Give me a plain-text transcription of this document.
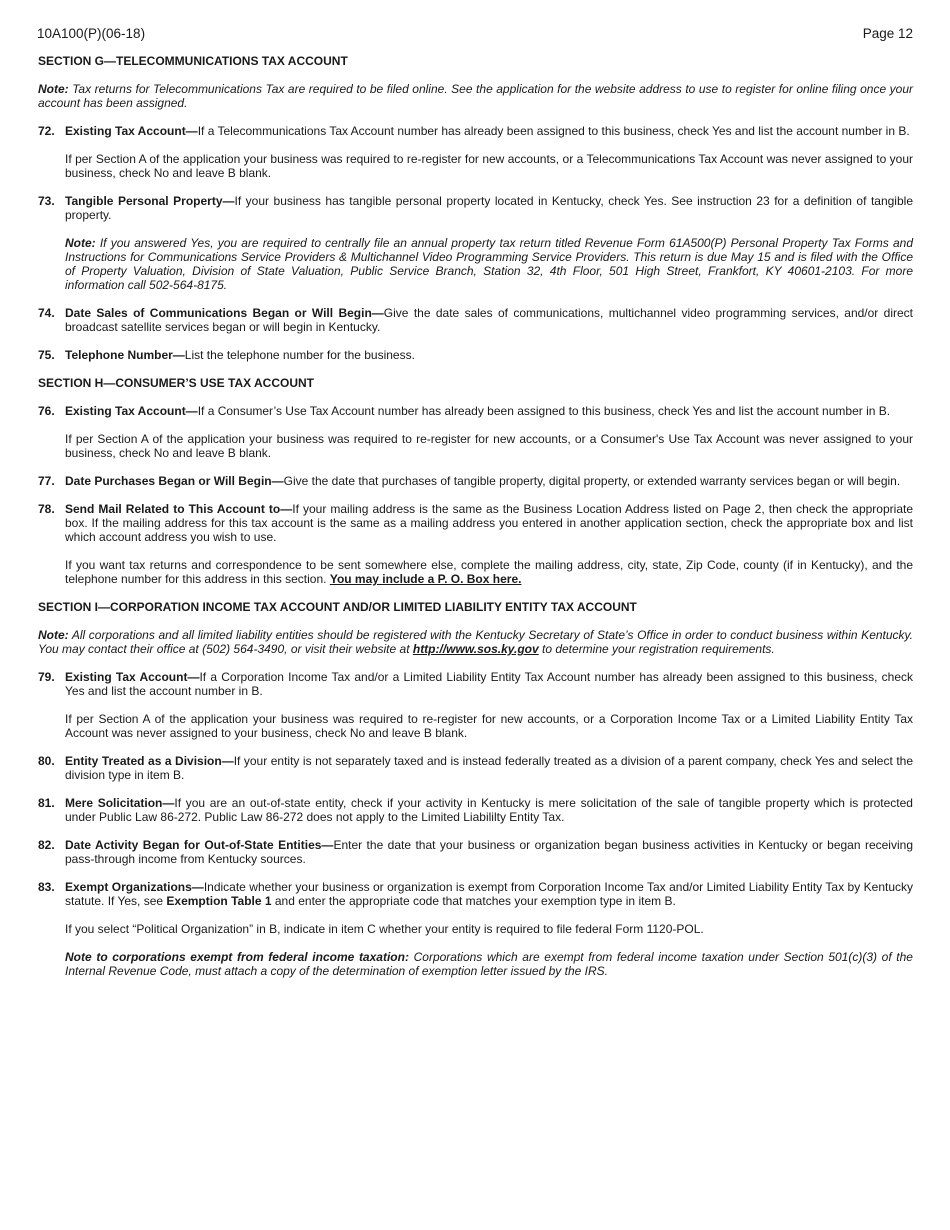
10A100(P)(06-18)	Page 12
SECTION G—TELECOMMUNICATIONS TAX ACCOUNT

Note: Tax returns for Telecommunications Tax are required to be filed online. See the application for the website address to use to register for online filing once your account has been assigned.

72. Existing Tax Account—If a Telecommunications Tax Account number has already been assigned to this business, check Yes and list the account number in B.

If per Section A of the application your business was required to re-register for new accounts, or a Telecommunications Tax Account was never assigned to your business, check No and leave B blank.

73. Tangible Personal Property—If your business has tangible personal property located in Kentucky, check Yes. See instruction 23 for a definition of tangible property.

Note: If you answered Yes, you are required to centrally file an annual property tax return titled Revenue Form 61A500(P) Personal Property Tax Forms and Instructions for Communications Service Providers & Multichannel Video Programming Service Providers. This return is due May 15 and is filed with the Office of Property Valuation, Division of State Valuation, Public Service Branch, Station 32, 4th Floor, 501 High Street, Frankfort, KY 40601-2103. For more information call 502-564-8175.

74. Date Sales of Communications Began or Will Begin—Give the date sales of communications, multichannel video programming services, and/or direct broadcast satellite services began or will begin in Kentucky.
75. Telephone Number—List the telephone number for the business.
SECTION H—CONSUMER’S USE TAX ACCOUNT
76. Existing Tax Account—If a Consumer’s Use Tax Account number has already been assigned to this business, check Yes and list the account number in B.

If per Section A of the application your business was required to re-register for new accounts, or a Consumer's Use Tax Account was never assigned to your business, check No and leave B blank.

77. Date Purchases Began or Will Begin—Give the date that purchases of tangible property, digital property, or extended warranty services began or will begin.
78. Send Mail Related to This Account to—If your mailing address is the same as the Business Location Address listed on Page 2, then check the appropriate box. If the mailing address for this tax account is the same as a mailing address you entered in another application section, check the appropriate box and list which account address you wish to use.

If you want tax returns and correspondence to be sent somewhere else, complete the mailing address, city, state, Zip Code, county (if in Kentucky), and the telephone number for this address in this section. You may include a P. O. Box here.

SECTION I—CORPORATION INCOME TAX ACCOUNT AND/OR LIMITED LIABILITY ENTITY TAX ACCOUNT

Note: All corporations and all limited liability entities should be registered with the Kentucky Secretary of State’s Office in order to conduct business within Kentucky. You may contact their office at (502) 564-3490, or visit their website at http://www.sos.ky.gov to determine your registration requirements.

79. Existing Tax Account—If a Corporation Income Tax and/or a Limited Liability Entity Tax Account number has already been assigned to this business, check Yes and list the account number in B.

If per Section A of the application your business was required to re-register for new accounts, or a Corporation Income Tax or a Limited Liability Entity Tax Account was never assigned to your business, check No and leave B blank.

80. Entity Treated as a Division—If your entity is not separately taxed and is instead federally treated as a division of a parent company, check Yes and select the division type in item B.
81. Mere Solicitation—If you are an out-of-state entity, check if your activity in Kentucky is mere solicitation of the sale of tangible property which is protected under Public Law 86-272. Public Law 86-272 does not apply to the Limited Liabililty Entity Tax.
82. Date Activity Began for Out-of-State Entities—Enter the date that your business or organization began business activities in Kentucky or began receiving pass-through income from Kentucky sources.
83. Exempt Organizations—Indicate whether your business or organization is exempt from Corporation Income Tax and/or Limited Liability Entity Tax by Kentucky statute. If Yes, see Exemption Table 1 and enter the appropriate code that matches your exemption type in item B.

If you select “Political Organization” in B, indicate in item C whether your entity is required to file federal Form 1120-POL.

Note to corporations exempt from federal income taxation: Corporations which are exempt from federal income taxation under Section 501(c)(3) of the Internal Revenue Code, must attach a copy of the determination of exemption letter issued by the IRS.
